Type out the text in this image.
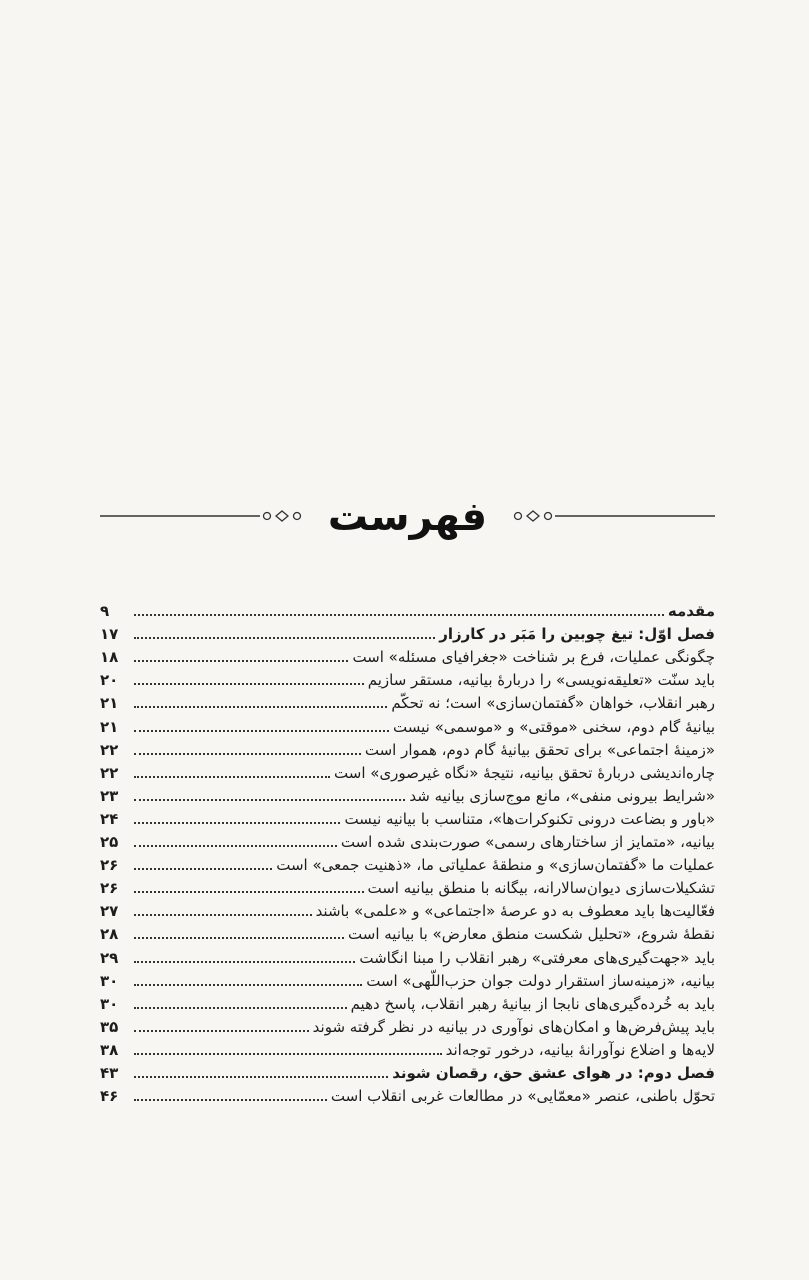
فهرست
مقدمه
۹
فصل اوّل: تیغ چوبین را مَبَر در کارزار
۱۷
چگونگی عملیات، فرع بر شناخت «جغرافیای مسئله» است
۱۸
باید سنّت «تعلیقه‌نویسی» را دربارهٔ بیانیه، مستقر سازیم
۲۰
رهبر انقلاب، خواهان «گفتمان‌سازی» است؛ نه تحکّم
۲۱
بیانیهٔ گام دوم، سخنی «موقتی» و «موسمی» نیست
۲۱
«زمینهٔ اجتماعی» برای تحقق بیانیهٔ گام دوم، هموار است
۲۲
چاره‌اندیشی دربارهٔ تحقق بیانیه، نتیجهٔ «نگاه غیرصوری» است
۲۲
«شرایط بیرونی منفی»، مانع موج‌سازی بیانیه شد
۲۳
«باور و بضاعت درونی تکنوکرات‌ها»، متناسب با بیانیه نیست
۲۴
بیانیه، «متمایز از ساختارهای رسمی» صورت‌بندی شده است
۲۵
عملیات ما «گفتمان‌سازی» و منطقهٔ عملیاتی ما، «ذهنیت جمعی» است
۲۶
تشکیلات‌سازی دیوان‌سالارانه، بیگانه با منطق بیانیه است
۲۶
فعّالیت‌ها باید معطوف به دو عرصهٔ «اجتماعی» و «علمی» باشند
۲۷
نقطهٔ شروع، «تحلیل شکست منطق معارض» با بیانیه است
۲۸
باید «جهت‌گیری‌های معرفتی» رهبر انقلاب را مبنا انگاشت
۲۹
بیانیه، «زمینه‌ساز استقرار دولت جوان حزب‌اللّهی» است
۳۰
باید به خُرده‌گیری‌های نابجا از بیانیهٔ رهبر انقلاب، پاسخ دهیم
۳۰
باید پیش‌فرض‌ها و امکان‌های نوآوری در بیانیه در نظر گرفته شوند
۳۵
لایه‌ها و اضلاع نوآورانهٔ بیانیه، درخور توجه‌اند
۳۸
فصل دوم: در هوای عشق حق، رقصان شوند
۴۳
تحوّل باطنی، عنصر «معمّایی» در مطالعات غربی انقلاب است
۴۶
